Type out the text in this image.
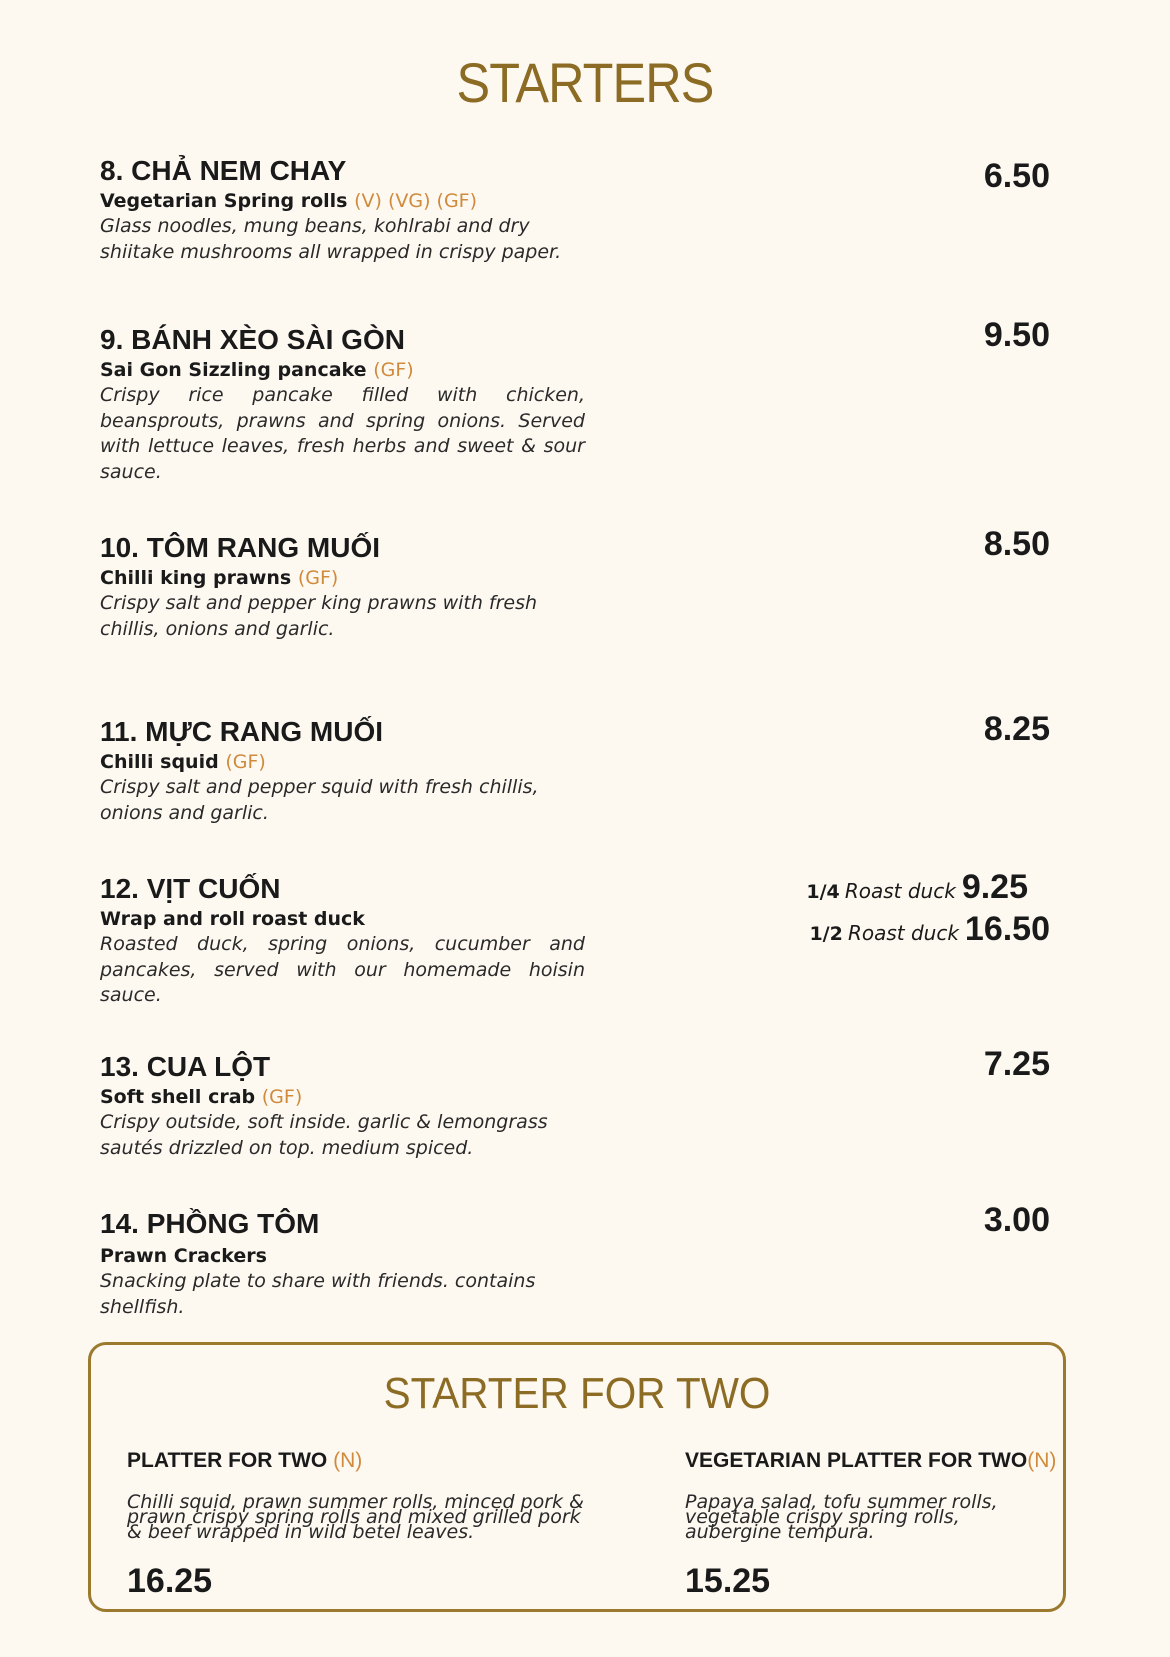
STARTERS
8. CHẢ NEM CHAY
Vegetarian Spring rolls (V) (VG) (GF)
Glass noodles, mung beans, kohlrabi and dry shiitake mushrooms all wrapped in crispy paper.
6.50
9. BÁNH XÈO SÀI GÒN
Sai Gon Sizzling pancake (GF)
Crispy rice pancake filled with chicken, beansprouts, prawns and spring onions. Served with lettuce leaves, fresh herbs and sweet & sour sauce.
9.50
10. TÔM RANG MUỐI
Chilli king prawns (GF)
Crispy salt and pepper king prawns with fresh chillis, onions and garlic.
8.50
11. MỰC RANG MUỐI
Chilli squid (GF)
Crispy salt and pepper squid with fresh chillis, onions and garlic.
8.25
12. VỊT CUỐN
Wrap and roll roast duck
Roasted duck, spring onions, cucumber and pancakes, served with our homemade hoisin sauce.
1/4 Roast duck 9.25
1/2 Roast duck 16.50
13. CUA LỘT
Soft shell crab (GF)
Crispy outside, soft inside. garlic & lemongrass sautés drizzled on top. medium spiced.
7.25
14. PHỒNG TÔM
Prawn Crackers
Snacking plate to share with friends. contains shellfish.
3.00
STARTER FOR TWO
PLATTER FOR TWO (N)
Chilli squid, prawn summer rolls, minced pork & prawn crispy spring rolls and mixed grilled pork & beef wrapped in wild betel leaves.
16.25
VEGETARIAN PLATTER FOR TWO(N)
Papaya salad, tofu summer rolls, vegetable crispy spring rolls, aubergine tempura.
15.25
